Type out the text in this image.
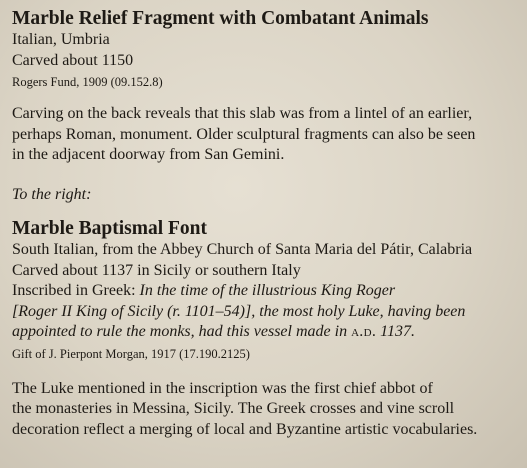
Marble Relief Fragment with Combatant Animals

Italian, Umbria

Carved about 1150

Rogers Fund, 1909 (09.152.8)

Carving on the back reveals that this slab was from a lintel of an earlier,
perhaps Roman, monument. Older sculptural fragments can also be seen
in the adjacent doorway from San Gemini.

To the right:

Marble Baptismal Font

South Italian, from the Abbey Church of Santa Maria del Pátir, Calabria

Carved about 1137 in Sicily or southern Italy

Inscribed in Greek: In the time of the illustrious King Roger

[Roger II King of Sicily (r. 1101–54)], the most holy Luke, having been

appointed to rule the monks, had this vessel made in a.d. 1137.

Gift of J. Pierpont Morgan, 1917 (17.190.2125)

The Luke mentioned in the inscription was the first chief abbot of
the monasteries in Messina, Sicily. The Greek crosses and vine scroll
decoration reflect a merging of local and Byzantine artistic vocabularies.
